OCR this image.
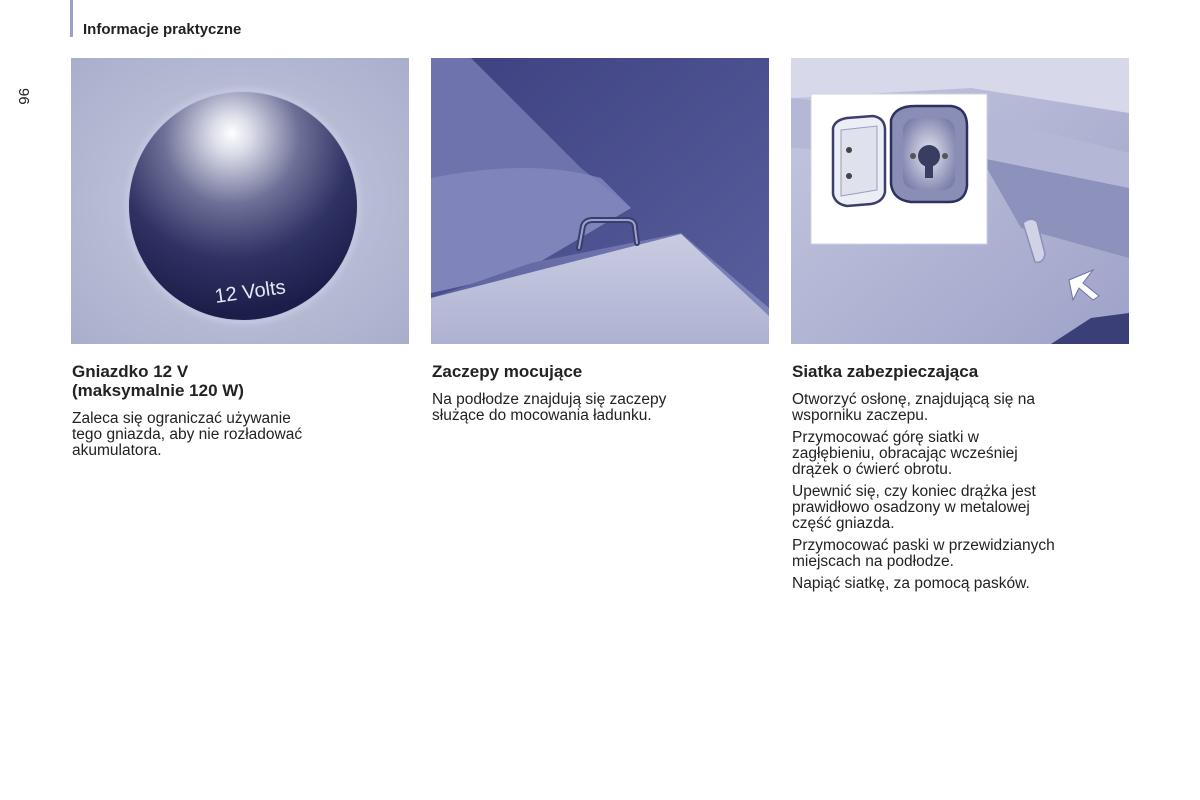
Informacje praktyczne
96
12 Volts
Gniazdko 12 V
(maksymalnie 120 W)

Zaleca się ograniczać używanie
tego gniazda, aby nie rozładować
akumulatora.

Zaczepy mocujące

Na podłodze znajdują się zaczepy
służące do mocowania ładunku.

Siatka zabezpieczająca

Otworzyć osłonę, znajdującą się na
wsporniku zaczepu.

Przymocować górę siatki w
zagłębieniu, obracając wcześniej
drążek o ćwierć obrotu.

Upewnić się, czy koniec drążka jest
prawidłowo osadzony w metalowej
część gniazda.

Przymocować paski w przewidzianych
miejscach na podłodze.

Napiąć siatkę, za pomocą pasków.
